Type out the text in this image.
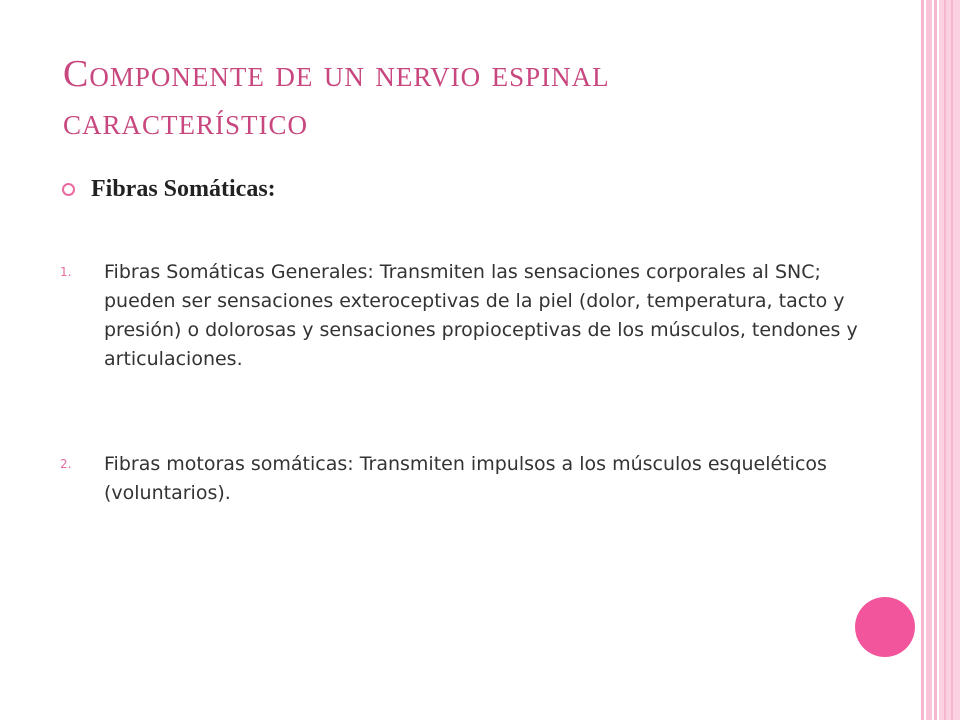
Componente de un nervio espinal
característico
Fibras Somáticas:
1.	Fibras Somáticas Generales: Transmiten las sensaciones corporales al SNC; pueden ser sensaciones exteroceptivas de la piel (dolor, temperatura, tacto y presión) o dolorosas y sensaciones propioceptivas de los músculos, tendones y articulaciones.
2.	Fibras motoras somáticas: Transmiten impulsos a los músculos esqueléticos (voluntarios).
